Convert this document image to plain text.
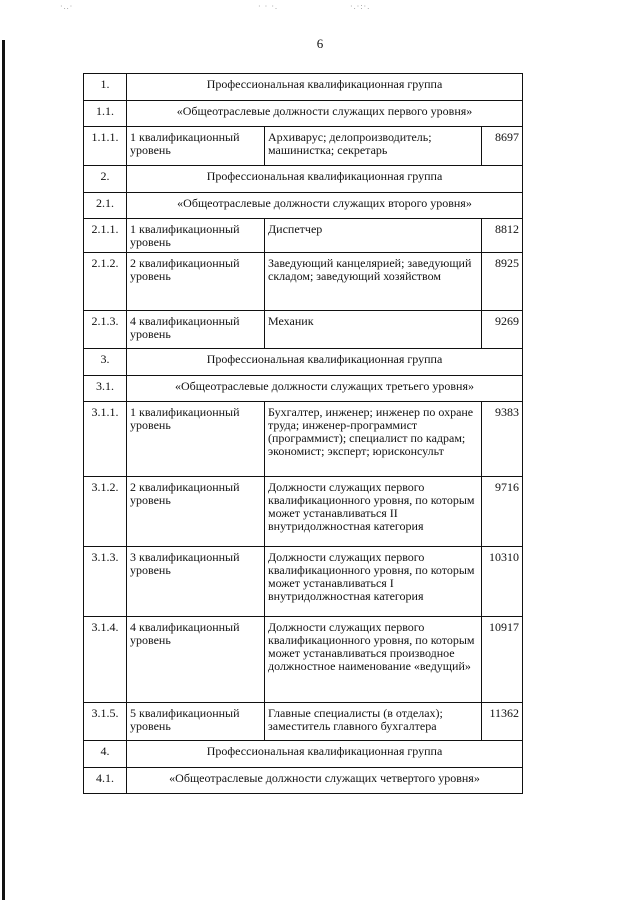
·..·	· · ·.	·.·:·.
6
1.	Профессиональная квалификационная группа		
1.1.	«Общеотраслевые должности служащих первого уровня»		
1.1.1.	1 квалификационный уровень	Архиварус; делопроизводитель; машинистка; секретарь	8697
2.	Профессиональная квалификационная группа		
2.1.	«Общеотраслевые должности служащих второго уровня»		
2.1.1.	1 квалификационный уровень	Диспетчер	8812
2.1.2.	2 квалификационный уровень	Заведующий канцелярией; заведующий складом; заведующий хозяйством	8925
2.1.3.	4 квалификационный уровень	Механик	9269
3.	Профессиональная квалификационная группа		
3.1.	«Общеотраслевые должности служащих третьего уровня»		
3.1.1.	1 квалификационный уровень	Бухгалтер, инженер; инженер по охране труда; инженер-программист (программист); специалист по кадрам; экономист; эксперт; юрисконсульт	9383
3.1.2.	2 квалификационный уровень	Должности служащих первого квалификационного уровня, по которым может устанавливаться II внутридолжностная категория	9716
3.1.3.	3 квалификационный уровень	Должности служащих первого квалификационного уровня, по которым может устанавливаться I внутридолжностная категория	10310
3.1.4.	4 квалификационный уровень	Должности служащих первого квалификационного уровня, по которым может устанавливаться производное должностное наименование «ведущий»	10917
3.1.5.	5 квалификационный уровень	Главные специалисты (в отделах); заместитель главного бухгалтера	11362
4.	Профессиональная квалификационная группа		
4.1.	«Общеотраслевые должности служащих четвертого уровня»		
